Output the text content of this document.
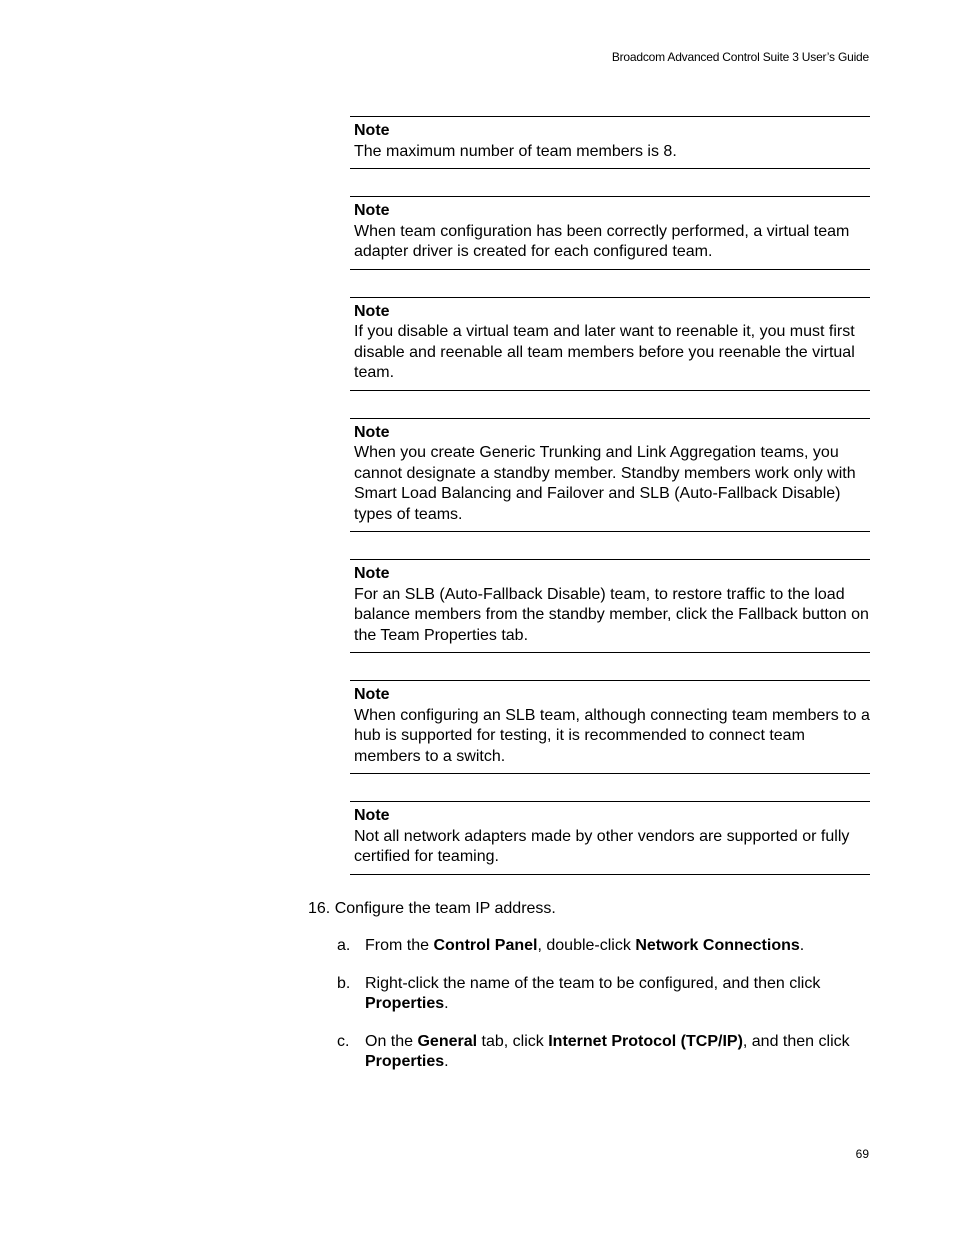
Broadcom Advanced Control Suite 3 User’s Guide
Note
The maximum number of team members is 8.
Note
When team configuration has been correctly performed, a virtual team adapter driver is created for each configured team.
Note
If you disable a virtual team and later want to reenable it, you must first disable and reenable all team members before you reenable the virtual team.
Note
When you create Generic Trunking and Link Aggregation teams, you cannot designate a standby member. Standby members work only with Smart Load Balancing and Failover and SLB (Auto-Fallback Disable) types of teams.
Note
For an SLB (Auto-Fallback Disable) team, to restore traffic to the load balance members from the standby member, click the Fallback button on the Team Properties tab.
Note
When configuring an SLB team, although connecting team members to a hub is supported for testing, it is recommended to connect team members to a switch.
Note
Not all network adapters made by other vendors are supported or fully certified for teaming.
16. Configure the team IP address.
a. From the Control Panel, double-click Network Connections.
b. Right-click the name of the team to be configured, and then click Properties.
c. On the General tab, click Internet Protocol (TCP/IP), and then click Properties.
69
